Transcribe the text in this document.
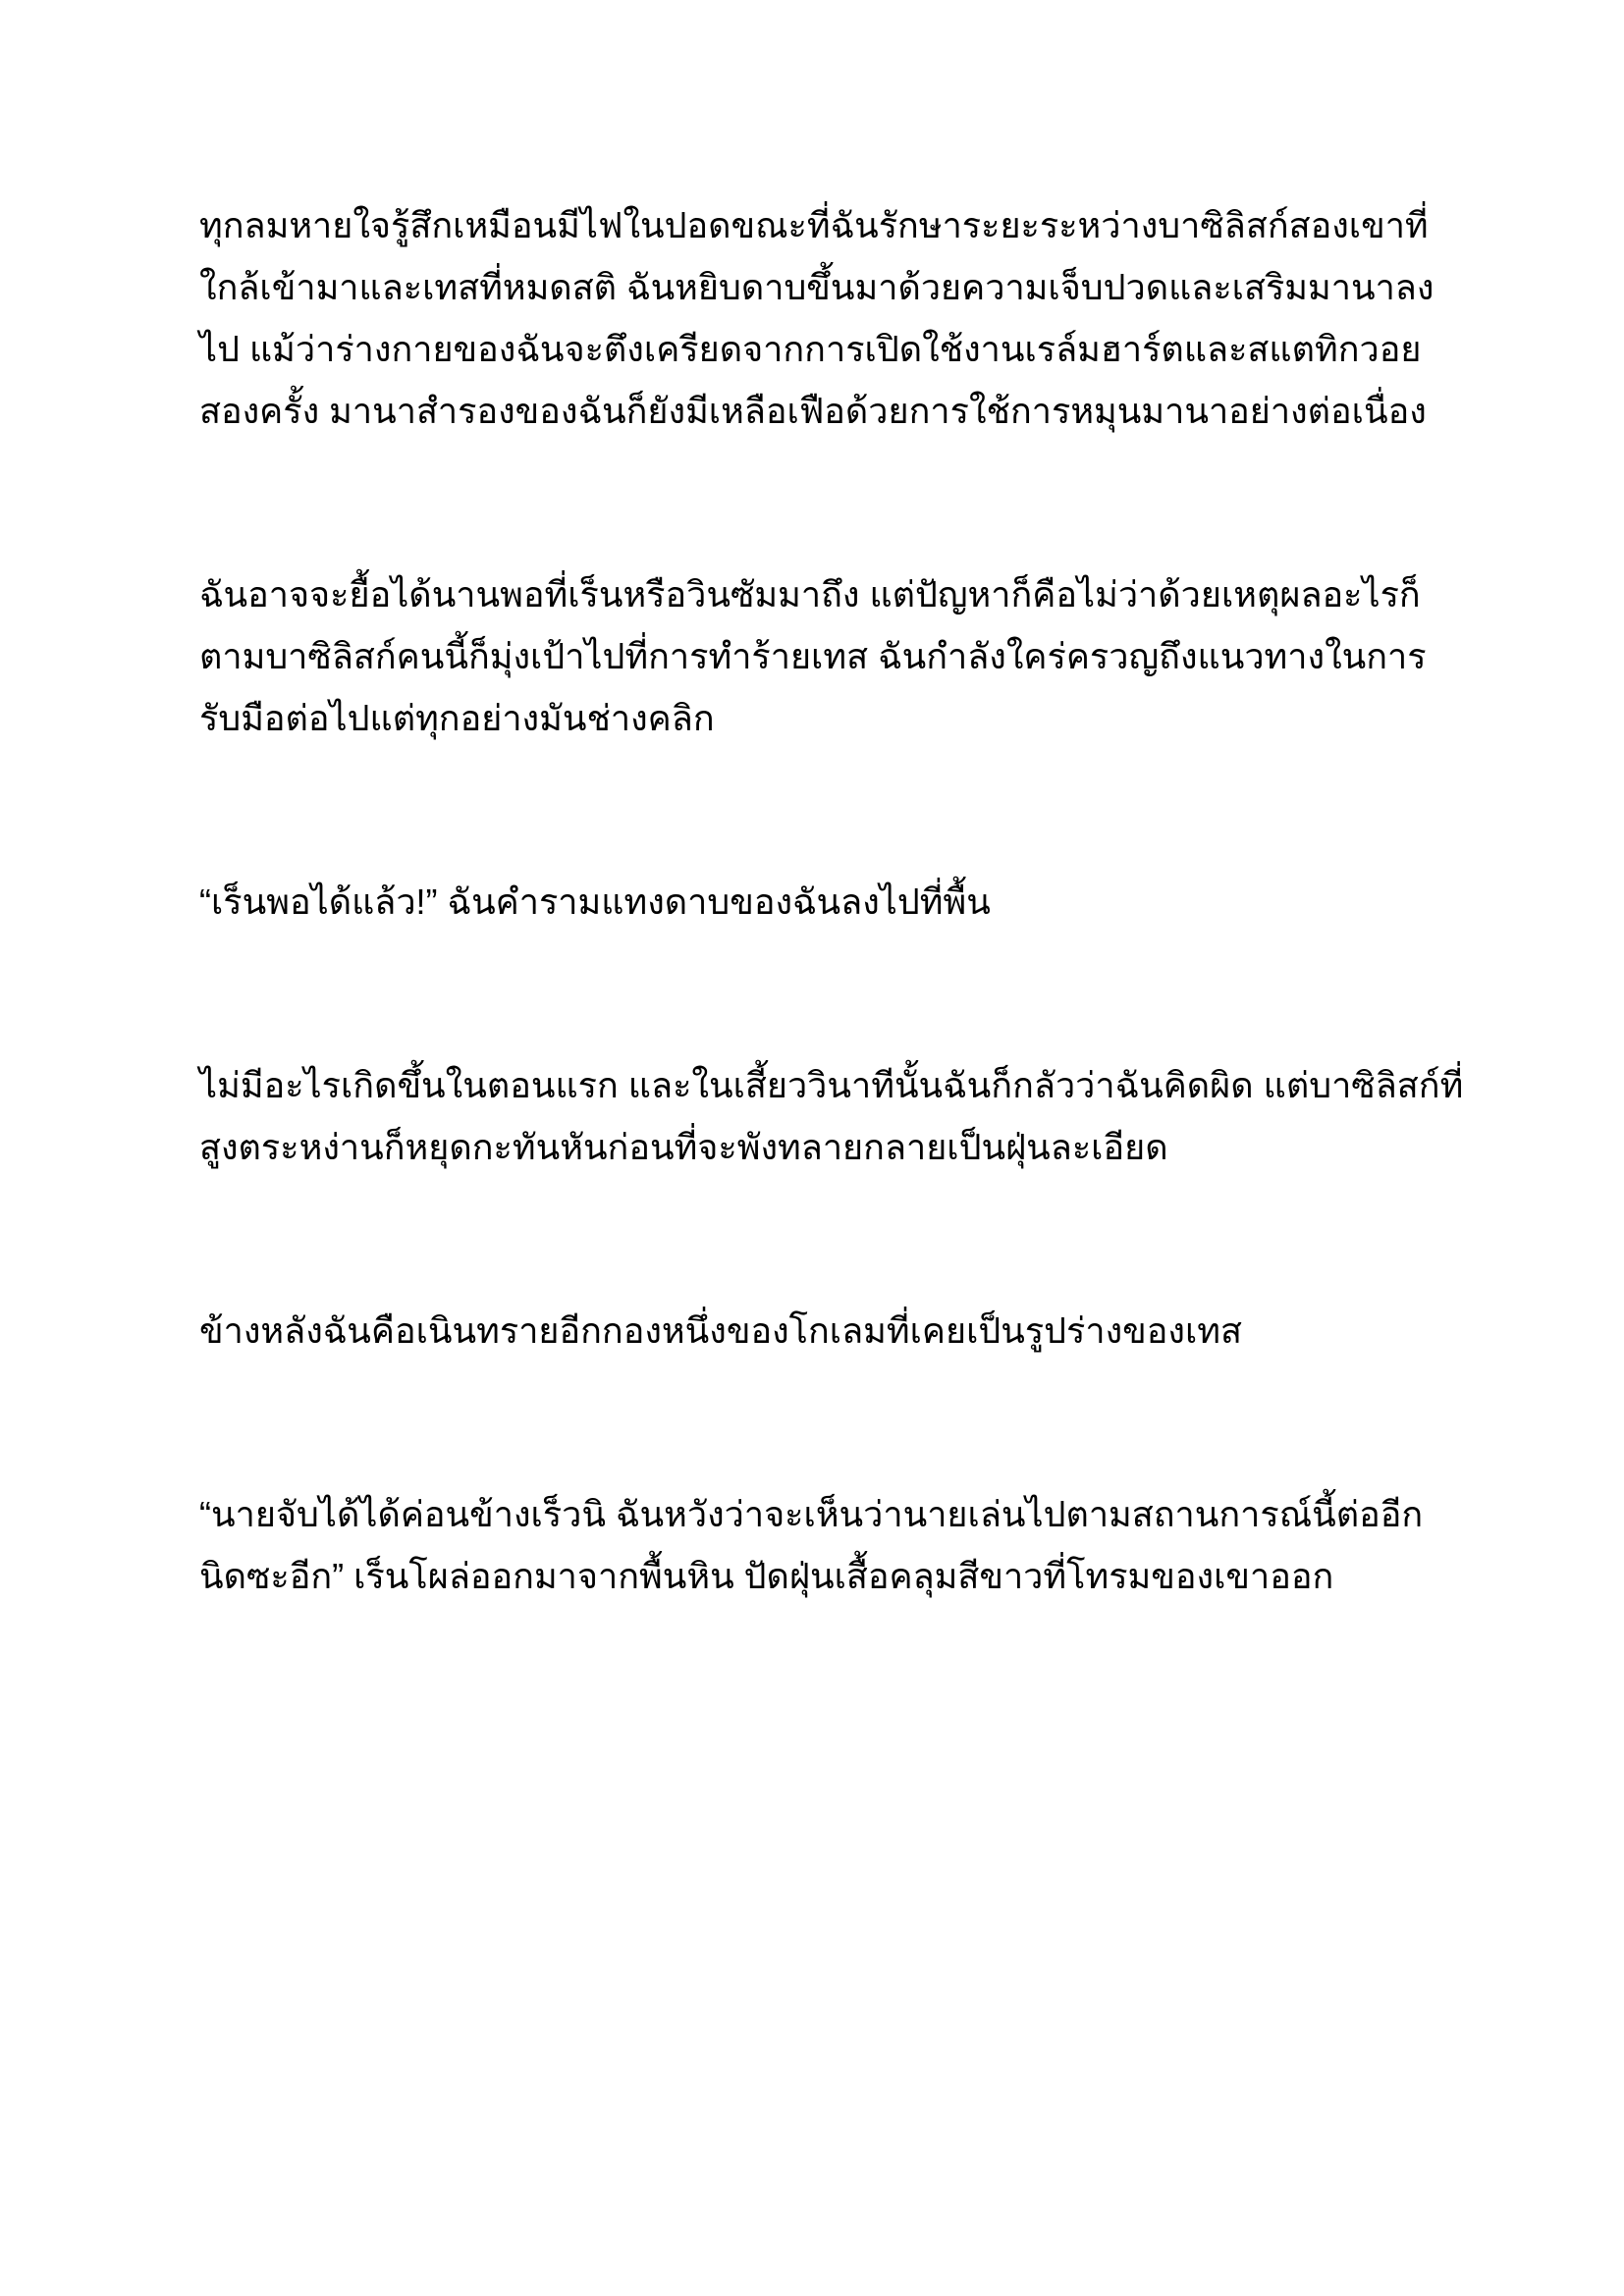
ทุกลมหายใจรู้สึกเหมือนมีไฟในปอดขณะที่ฉันรักษาระยะระหว่างบาซิลิสก์สองเขาที่
ใกล้เข้ามาและเทสที่หมดสติ ฉันหยิบดาบขึ้นมาด้วยความเจ็บปวดและเสริมมานาลง
ไป แม้ว่าร่างกายของฉันจะตึงเครียดจากการเปิดใช้งานเรล์มฮาร์ตและสแตทิกวอย
สองครั้ง มานาสำรองของฉันก็ยังมีเหลือเฟือด้วยการใช้การหมุนมานาอย่างต่อเนื่อง

ฉันอาจจะยื้อได้นานพอที่เร็นหรือวินซัมมาถึง แต่ปัญหาก็คือไม่ว่าด้วยเหตุผลอะไรก็
ตามบาซิลิสก์คนนี้ก็มุ่งเป้าไปที่การทำร้ายเทส ฉันกำลังใคร่ครวญถึงแนวทางในการ
รับมือต่อไปแต่ทุกอย่างมันช่างคลิก

“เร็นพอได้แล้ว!” ฉันคำรามแทงดาบของฉันลงไปที่พื้น

ไม่มีอะไรเกิดขึ้นในตอนแรก และในเสี้ยววินาทีนั้นฉันก็กลัวว่าฉันคิดผิด แต่บาซิลิสก์ที่
สูงตระหง่านก็หยุดกะทันหันก่อนที่จะพังทลายกลายเป็นฝุ่นละเอียด

ข้างหลังฉันคือเนินทรายอีกกองหนึ่งของโกเลมที่เคยเป็นรูปร่างของเทส

“นายจับได้ได้ค่อนข้างเร็วนิ ฉันหวังว่าจะเห็นว่านายเล่นไปตามสถานการณ์นี้ต่ออีก
นิดซะอีก” เร็นโผล่ออกมาจากพื้นหิน ปัดฝุ่นเสื้อคลุมสีขาวที่โทรมของเขาออก
